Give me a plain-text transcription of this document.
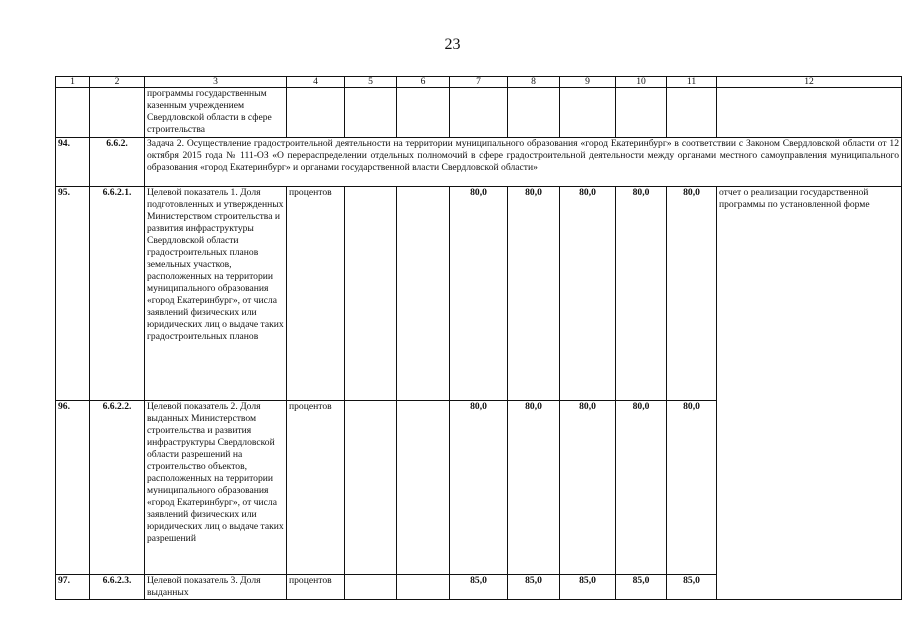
23
1	2	3	4	5	6	7	8	9	10	11	12
		программы государственным казенным учреждением Свердловской области в сфере строительства									
94.	6.6.2.	Задача 2. Осуществление градостроительной деятельности на территории муниципального образования «город Екатеринбург» в соответствии с Законом Свердловской области от 12 октября 2015 года № 111-ОЗ «О перераспределении отдельных полномочий в сфере градостроительной деятельности между органами местного самоуправления муниципального образования «город Екатеринбург» и органами государственной власти Свердловской области»									
95.	6.6.2.1.	Целевой показатель 1. Доля подготовленных и утвержденных Министерством строительства и развития инфраструктуры Свердловской области градостроительных планов земельных участков, расположенных на территории муниципального образования «город Екатеринбург», от числа заявлений физических или юридических лиц о выдаче таких градостроительных планов	процентов			80,0	80,0	80,0	80,0	80,0	отчет о реализации государственной программы по установленной форме
96.	6.6.2.2.	Целевой показатель 2. Доля выданных Министерством строительства и развития инфраструктуры Свердловской области разрешений на строительство объектов, расположенных на территории муниципального образования «город Екатеринбург», от числа заявлений физических или юридических лиц о выдаче таких разрешений	процентов			80,0	80,0	80,0	80,0	80,0	
97.	6.6.2.3.	Целевой показатель 3. Доля выданных	процентов			85,0	85,0	85,0	85,0	85,0	
